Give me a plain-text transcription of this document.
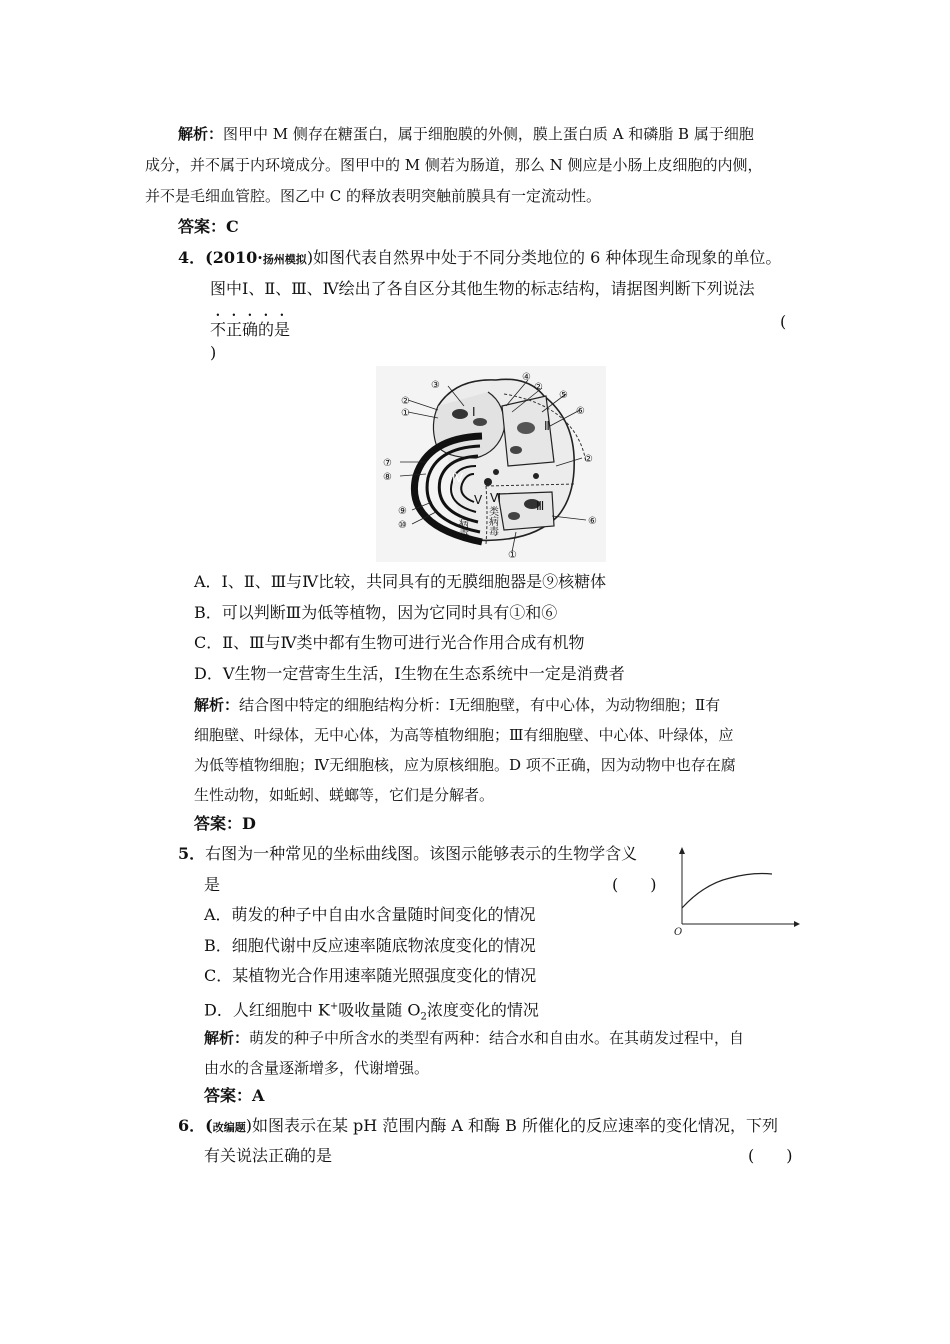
解析：图甲中 M 侧存在糖蛋白，属于细胞膜的外侧，膜上蛋白质 A 和磷脂 B 属于细胞
成分，并不属于内环境成分。图甲中的 M 侧若为肠道，那么 N 侧应是小肠上皮细胞的内侧，
并不是毛细血管腔。图乙中 C 的释放表明突触前膜具有一定流动性。
答案：C
4．(2010·扬州模拟)如图代表自然界中处于不同分类地位的 6 种体现生命现象的单位。
图中Ⅰ、Ⅱ、Ⅲ、Ⅳ绘出了各自区分其他生物的标志结构，请据图判断下列说法
不正确的是	(
)
③
④
②
⑤
⑥
②
①
②
⑦
⑧
⑨
⑩	⑥
①
Ⅰ
Ⅱ
Ⅲ
Ⅳ
Ⅴ Ⅵ
病毒 类病毒
A．Ⅰ、Ⅱ、Ⅲ与Ⅳ比较，共同具有的无膜细胞器是⑨核糖体
B．可以判断Ⅲ为低等植物，因为它同时具有①和⑥
C．Ⅱ、Ⅲ与Ⅳ类中都有生物可进行光合作用合成有机物
D．Ⅴ生物一定营寄生生活，Ⅰ生物在生态系统中一定是消费者
解析：结合图中特定的细胞结构分析：Ⅰ无细胞壁，有中心体，为动物细胞；Ⅱ有
细胞壁、叶绿体，无中心体，为高等植物细胞；Ⅲ有细胞壁、中心体、叶绿体，应
为低等植物细胞；Ⅳ无细胞核，应为原核细胞。D 项不正确，因为动物中也存在腐
生性动物，如蚯蚓、蜣螂等，它们是分解者。
答案：D
5．右图为一种常见的坐标曲线图。该图示能够表示的生物学含义
是	(　　)
O
A．萌发的种子中自由水含量随时间变化的情况
B．细胞代谢中反应速率随底物浓度变化的情况
C．某植物光合作用速率随光照强度变化的情况
D．人红细胞中 K+吸收量随 $O_2$浓度变化的情况
解析：萌发的种子中所含水的类型有两种：结合水和自由水。在其萌发过程中，自
由水的含量逐渐增多，代谢增强。
答案：A
6．(改编题)如图表示在某 pH 范围内酶 A 和酶 B 所催化的反应速率的变化情况，下列
有关说法正确的是	(　　)
